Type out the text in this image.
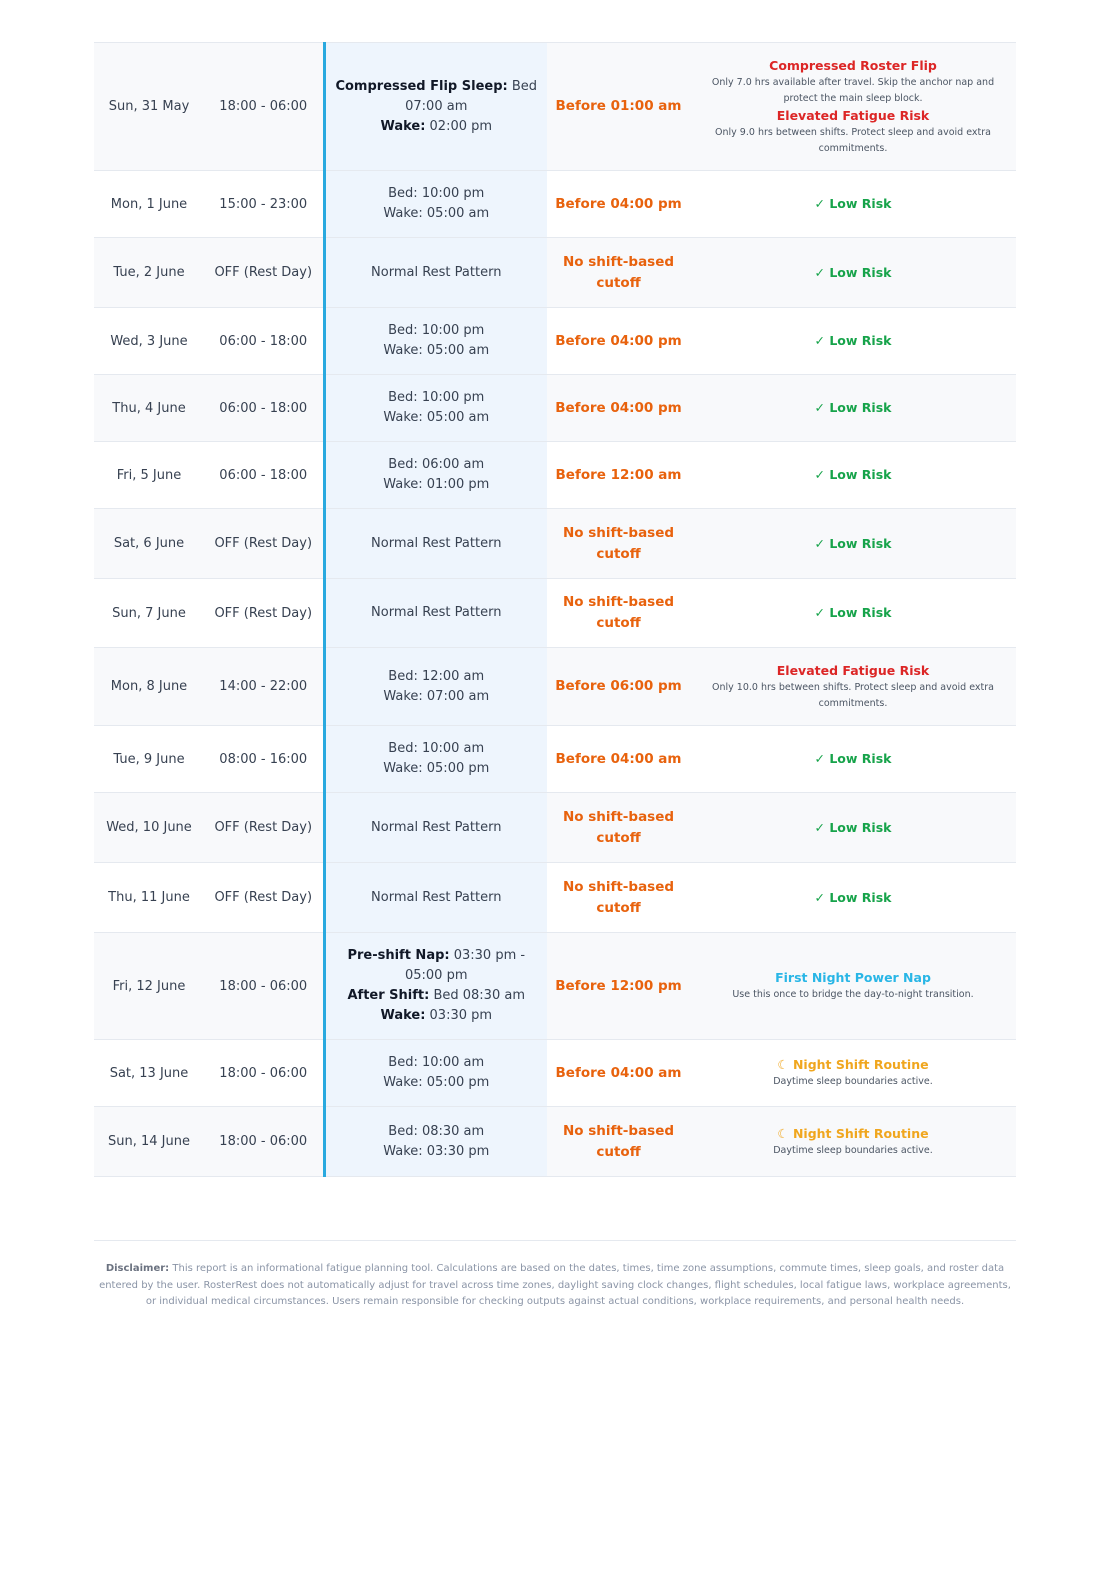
Sun, 31 May	18:00 - 06:00	Compressed Flip Sleep: Bed 07:00 am
Wake: 02:00 pm	Before 01:00 am	Compressed Roster Flip
Only 7.0 hrs available after travel. Skip the anchor nap and protect the main sleep block.
Elevated Fatigue Risk
Only 9.0 hrs between shifts. Protect sleep and avoid extra commitments.

Mon, 1 June	15:00 - 23:00	Bed: 10:00 pm
Wake: 05:00 am	Before 04:00 pm	✓ Low Risk

Tue, 2 June	OFF (Rest Day)	Normal Rest Pattern	No shift-based cutoff	✓ Low Risk

Wed, 3 June	06:00 - 18:00	Bed: 10:00 pm
Wake: 05:00 am	Before 04:00 pm	✓ Low Risk

Thu, 4 June	06:00 - 18:00	Bed: 10:00 pm
Wake: 05:00 am	Before 04:00 pm	✓ Low Risk

Fri, 5 June	06:00 - 18:00	Bed: 06:00 am
Wake: 01:00 pm	Before 12:00 am	✓ Low Risk

Sat, 6 June	OFF (Rest Day)	Normal Rest Pattern	No shift-based cutoff	✓ Low Risk

Sun, 7 June	OFF (Rest Day)	Normal Rest Pattern	No shift-based cutoff	✓ Low Risk

Mon, 8 June	14:00 - 22:00	Bed: 12:00 am
Wake: 07:00 am	Before 06:00 pm	Elevated Fatigue Risk
Only 10.0 hrs between shifts. Protect sleep and avoid extra commitments.

Tue, 9 June	08:00 - 16:00	Bed: 10:00 am
Wake: 05:00 pm	Before 04:00 am	✓ Low Risk

Wed, 10 June	OFF (Rest Day)	Normal Rest Pattern	No shift-based cutoff	✓ Low Risk

Thu, 11 June	OFF (Rest Day)	Normal Rest Pattern	No shift-based cutoff	✓ Low Risk

Fri, 12 June	18:00 - 06:00	Pre-shift Nap: 03:30 pm - 05:00 pm
After Shift: Bed 08:30 am
Wake: 03:30 pm	Before 12:00 pm	First Night Power Nap
Use this once to bridge the day-to-night transition.

Sat, 13 June	18:00 - 06:00	Bed: 10:00 am
Wake: 05:00 pm	Before 04:00 am	☾ Night Shift Routine
Daytime sleep boundaries active.

Sun, 14 June	18:00 - 06:00	Bed: 08:30 am
Wake: 03:30 pm	No shift-based cutoff	☾ Night Shift Routine
Daytime sleep boundaries active.
Disclaimer: This report is an informational fatigue planning tool. Calculations are based on the dates, times, time zone assumptions, commute times, sleep goals, and roster data entered by the user. RosterRest does not automatically adjust for travel across time zones, daylight saving clock changes, flight schedules, local fatigue laws, workplace agreements, or individual medical circumstances. Users remain responsible for checking outputs against actual conditions, workplace requirements, and personal health needs.
